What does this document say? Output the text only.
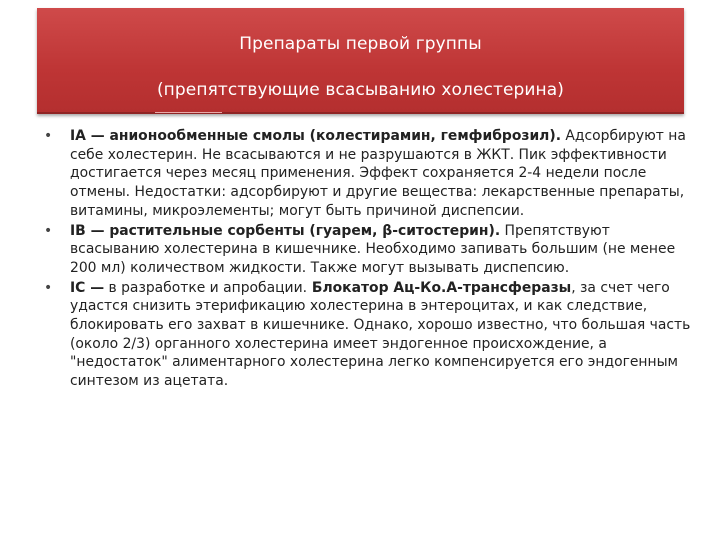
Препараты первой группы
(препятствующие всасыванию холестерина)
• IA — анионообменные смолы (колестирамин, гемфиброзил). Адсорбируют на себе холестерин. Не всасываются и не разрушаются в ЖКТ. Пик эффективности достигается через месяц применения. Эффект сохраняется 2-4 недели после отмены. Недостатки: адсорбируют и другие вещества: лекарственные препараты, витамины, микроэлементы; могут быть причиной диспепсии.
• IB — растительные сорбенты (гуарем, β-ситостерин). Препятствуют всасыванию холестерина в кишечнике. Необходимо запивать большим (не менее 200 мл) количеством жидкости. Также могут вызывать диспепсию.
• IC — в разработке и апробации. Блокатор Ац-Ко.А-трансферазы, за счет чего удастся снизить этерификацию холестерина в энтероцитах, и как следствие, блокировать его захват в кишечнике. Однако, хорошо известно, что большая часть (около 2/3) органного холестерина имеет эндогенное происхождение, а "недостаток" алиментарного холестерина легко компенсируется его эндогенным синтезом из ацетата.
